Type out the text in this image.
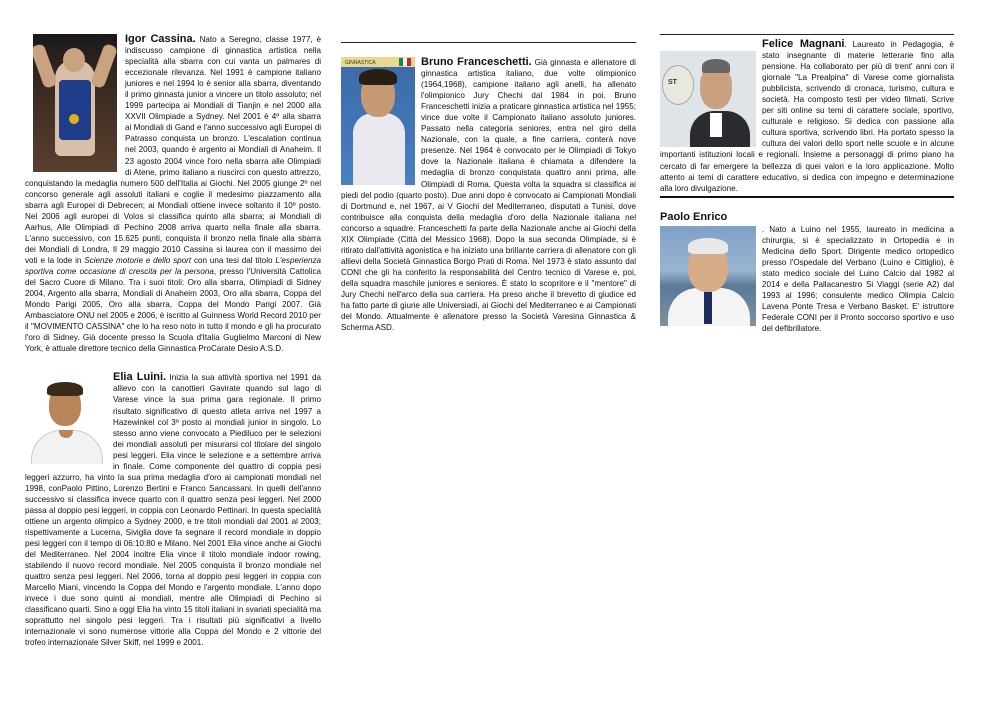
Igor Cassina. Nato a Seregno, classe 1977, è indiscusso campione di ginnastica artistica nella specialità alla sbarra con cui vanta un palmares di eccezionale rilevanza. Nel 1991 è campione italiano juniores e nel 1994 lo è senior alla sbarra, diventando il primo ginnasta junior a vincere un titolo assoluto; nel 1999 partecipa ai Mondiali di Tianjin e nel 2000 alla XXVII Olimpiade a Sydney. Nel 2001 è 4º alla sbarra ai Mondiali di Gand e l'anno successivo agli Europei di Patrasso conquista un bronzo. L'escalation continua nel 2003, quando è argento ai Mondiali di Anaheim. Il 23 agosto 2004 vince l'oro nella sbarra alle Olimpiadi di Atene, primo italiano a riuscirci con questo attrezzo, conquistando la medaglia numero 500 dell'Italia ai Giochi. Nel 2005 giunge 2º nel concorso generale agli assoluti italiani e coglie il medesimo piazzamento alla sbarra agli Europei di Debrecen; ai Mondiali ottiene invece soltanto il 10º posto. Nel 2006 agli europei di Volos si classifica quinto alla sbarra; ai Mondiali di Aarhus, Alle Olimpiadi di Pechino 2008 arriva quarto nella finale alla sbarra. L'anno successivo, con 15.625 punti, conquista il bronzo nella finale alla sbarra dei Mondiali di Londra, Il 29 maggio 2010 Cassina si laurea con il massimo dei voti e la lode in Scienze motorie e dello sport con una tesi dal titolo L'esperienza sportiva come occasione di crescita per la persona, presso l'Università Cattolica del Sacro Cuore di Milano. Tra i suoi titoli: Oro alla sbarra, Olimpiadi di Sidney 2004, Argento alla sbarra, Mondiali di Anaheim 2003, Oro alla sbarra, Coppa del Mondo Parigi 2005, Oro alla sbarra, Coppa del Mondo Parigi 2007. Già Ambasciatore ONU nel 2005 e 2006, è iscritto al Guinness World Record 2010 per il "MOVIMENTO CASSINA" che lo ha reso noto in tutto il mondo e gli ha procurato l'oro di Sidney. Già docente presso la Scuola d'Italia Guglielmo Marconi di New York, è attuale direttore tecnico della Ginnastica ProCarate Desio A.S.D.

Elia Luini. Inizia la sua attività sportiva nel 1991 da allievo con la canottieri Gavirate quando sul lago di Varese vince la sua prima gara regionale. Il primo risultato significativo di questo atleta arriva nel 1997 a Hazewinkel col 3º posto ai mondiali junior in singolo. Lo stesso anno viene convocato a Piediluco per le selezioni dei mondiali assoluti per misurarsi col titolare del singolo pesi leggeri. Elia vince le selezione e a settembre arriva in finale. Come componente del quattro di coppia pesi leggeri azzurro, ha vinto la sua prima medaglia d'oro ai campionati mondiali nel 1998, conPaolo Pittino, Lorenzo Bertini e Franco Sancassani. In quelli dell'anno successivo si classifica invece quarto con il quattro senza pesi leggeri. Nel 2000 passa al doppio pesi leggeri, in coppia con Leonardo Pettinari. In questa specialità ottiene un argento olimpico a Sydney 2000, e tre titoli mondiali dal 2001 al 2003; rispettivamente a Lucerna, Siviglia dove fa segnare il record mondiale in doppio pesi leggeri con il tempo di 06:10:80 e Milano. Nel 2001 Elia vince anche ai Giochi del Mediterraneo. Nel 2004 inoltre Elia vince il titolo mondiale indoor rowing, stabilendo il nuovo record mondiale. Nel 2005 conquista il bronzo mondiale nel quattro senza pesi leggeri. Nel 2006, torna al doppio pesi leggeri in coppia con Marcello Miani, vincendo la Coppa del Mondo e l'argento mondiale. L'anno dopo invece i due sono quinti ai mondiali, mentre alle Olimpiadi di Pechino si classificano quarti. Sino a oggi Elia ha vinto 15 titoli italiani in svariati specialità ma soprattutto nel singolo pesi leggeri. Tra i risultati più significativi a livello internazionale vi sono numerose vittorie alla Coppa del Mondo e 2 vittorie del trofeo internazionale Silver Skiff, nel 1999 e 2001.

GINNASTICA	Bruno Franceschetti. Già ginnasta e allenatore di ginnastica artistica italiano, due volte olimpionico (1964,1968), campione italiano agli anelli, ha allenato l'olimpionico Jury Chechi dal 1984 in poi. Bruno Franceschetti inizia a praticare ginnastica artistica nel 1955; vince due volte il Campionato italiano assoluto juniores. Passato nella categoria seniores, entra nel giro della Nazionale, con la quale, a fine carriera, conterà nove presenze. Nel 1964 è convocato per le Olimpiadi di Tokyo dove la Nazionale italiana è chiamata a difendere la medaglia di bronzo conquistata quattro anni prima, alle Olimpiadi di Roma. Questa volta la squadra si classifica ai piedi del podio (quarto posto). Due anni dopo è convocato ai Campionati Mondiali di Dortmund e, nel 1967, ai V Giochi del Mediterraneo, disputati a Tunisi, dove contribuisce alla conquista della medaglia d'oro della Nazionale italiana nel concorso a squadre. Franceschetti fa parte della Nazionale anche ai Giochi della XIX Olimpiade (Città del Messico 1968). Dopo la sua seconda Olimpiade, si è ritirato dall'attività agonistica e ha iniziato una brillante carriera di allenatore con gli allievi della Società Ginnastica Borgo Prati di Roma. Nel 1973 è stato assunto dal CONI che gli ha conferito la responsabilità del Centro tecnico di Varese e, poi, della squadra maschile juniores e seniores. È stato lo scopritore e il "mentore" di Jury Chechi nell'arco della sua carriera. Ha preso anche il brevetto di giudice ed ha fatto parte di giurie alle Universiadi, ai Giochi del Mediterraneo e ai Campionati del Mondo. Attualmente è allenatore presso la Società Varesina Ginnastica & Scherma ASD.

ST

Felice Magnani. Laureato in Pedagogia, è stato insegnante di materie letterarie fino alla pensione. Ha collaborato per più di trent' anni con il giornale "La Prealpina" di Varese come giornalista pubblicista, scrivendo di cronaca, turismo, cultura e società. Ha composto testi per video filmati. Scrive per siti online su temi di carattere sociale, sportivo, culturale e religioso. Si dedica con passione alla cultura sportiva, scrivendo libri. Ha portato spesso la cultura dei valori dello sport nelle scuole e in alcune importanti istituzioni locali e regionali. Insieme a personaggi di primo piano ha cercato di far emergere la bellezza di quei valori e la loro applicazione. Molto attento ai temi di carattere educativo, si dedica con impegno e determinazione alla loro divulgazione.

Paolo Enrico

. Nato a Luino nel 1955, laureato in medicina a chirurgia, si è specializzato in Ortopedia e in Medicina dello Sport. Dirigente medico ortopedico presso l'Ospedale del Verbano (Luino e Cittiglio), è stato medico sociale del Luino Calcio dal 1982 al 2014 e della Pallacanestro Si Viaggi (serie A2) dal 1993 al 1996; consulente medico Olimpia Calcio Lavena Ponte Tresa e Verbano Basket. E' istruttore Federale CONI per il Pronto soccorso sportivo e uso del defibrillatore.
